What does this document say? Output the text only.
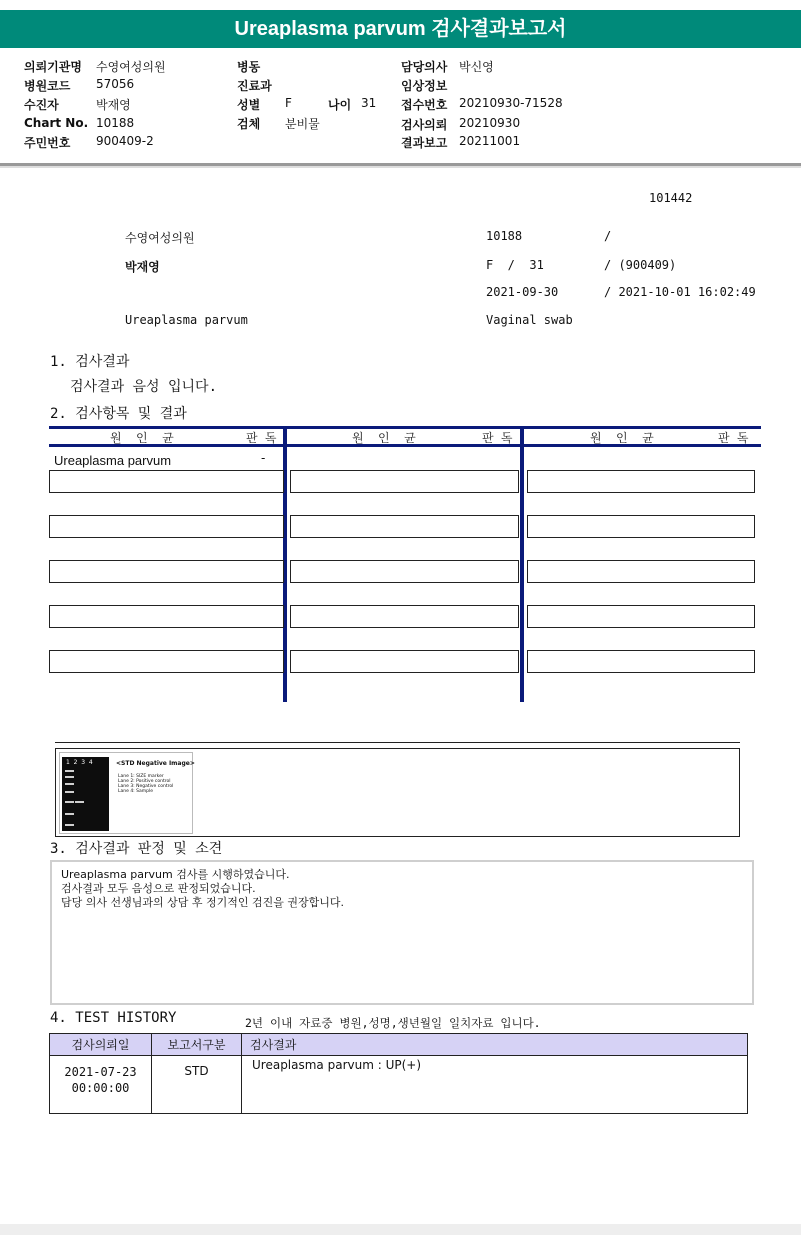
Ureaplasma parvum 검사결과보고서
의뢰기관명 수영여성의원	병동	담당의사 박신영
병원코드 57056	진료과	임상정보
수진자	박재영	성별 F	나이 31 접수번호 20210930-71528
Chart No. 10188	검체 분비물	검사의뢰 20210930
주민번호 900409-2	결과보고 20211001
101442
수영여성의원	10188	/
박재영	F  /  31	/ (900409)
2021-09-30	/ 2021-10-01 16:02:49
Ureaplasma parvum	Vaginal swab
1. 검사결과
검사결과 음성 입니다.
2. 검사항목 및 결과
원  인  균	판 독	원  인  균	판 독	원  인  균	판 독
Ureaplasma parvum	-
1  2  3  4	<STD Negative Image>
Lane 1: SIZE marker
Lane 2: Positive control
Lane 3: Negative control
Lane 4: Sample
3. 검사결과 판정 및 소견
Ureaplasma parvum 검사를 시행하였습니다.
검사결과 모두 음성으로 판정되었습니다.
담당 의사 선생님과의 상담 후 정기적인 검진을 권장합니다.
4. TEST HISTORY	2년 이내 자료중 병원,성명,생년월일 일치자료 입니다.
검사의뢰일	보고서구분	검사결과

2021-07-23
00:00:00	STD	Ureaplasma parvum : UP(+)
